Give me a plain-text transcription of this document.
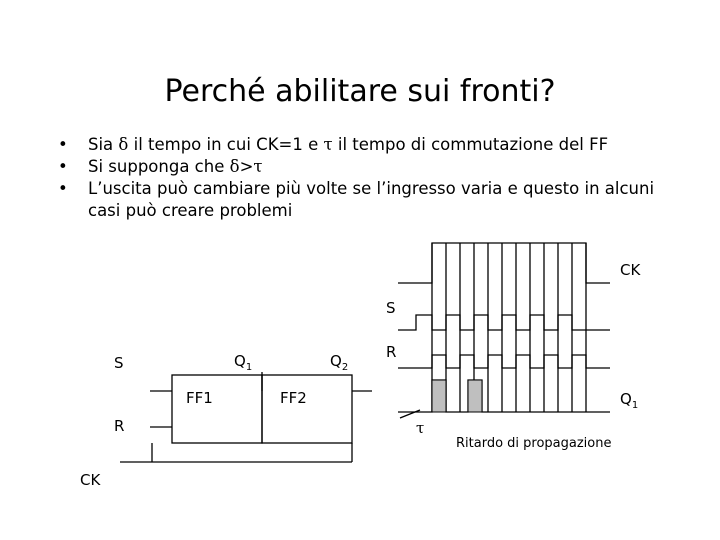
Perché abilitare sui fronti?
• Sia δ il tempo in cui CK=1 e τ il tempo di commutazione del FF
• Si supponga che δ>τ
• L’uscita può cambiare più volte se l’ingresso varia e questo in alcuni casi può creare problemi
S
R
CK
FF1	FF2
$Q_1$	$Q_2$
CK
S
R
$Q_1$
τ
Ritardo di propagazione
